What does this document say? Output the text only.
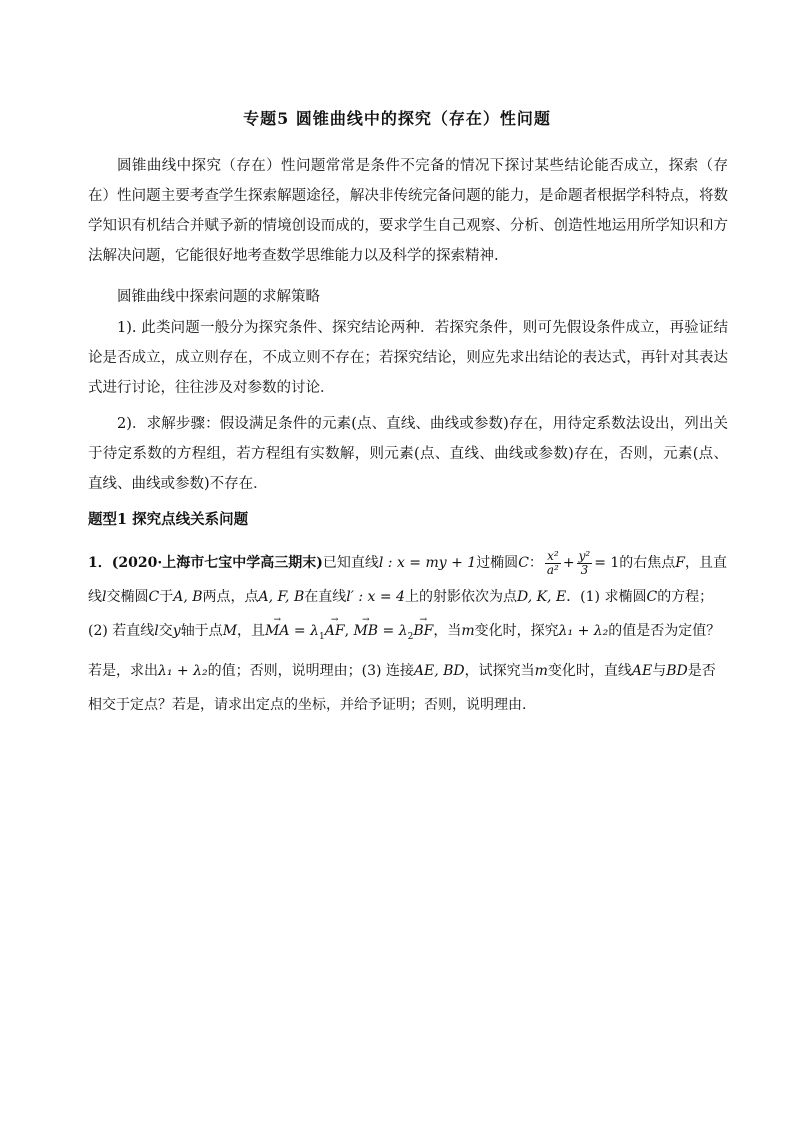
专题5 圆锥曲线中的探究（存在）性问题
圆锥曲线中探究（存在）性问题常常是条件不完备的情况下探讨某些结论能否成立，探索（存在）性问题主要考查学生探索解题途径，解决非传统完备问题的能力，是命题者根据学科特点，将数学知识有机结合并赋予新的情境创设而成的，要求学生自己观察、分析、创造性地运用所学知识和方法解决问题，它能很好地考查数学思维能力以及科学的探索精神.
圆锥曲线中探索问题的求解策略
1). 此类问题一般分为探究条件、探究结论两种．若探究条件，则可先假设条件成立，再验证结论是否成立，成立则存在，不成立则不存在；若探究结论，则应先求出结论的表达式，再针对其表达式进行讨论，往往涉及对参数的讨论．
2)．求解步骤：假设满足条件的元素(点、直线、曲线或参数)存在，用待定系数法设出，列出关于待定系数的方程组，若方程组有实数解，则元素(点、直线、曲线或参数)存在，否则，元素(点、直线、曲线或参数)不存在．
题型1 探究点线关系问题
1．(2020·上海市七宝中学高三期末)已知直线l : x = my + 1过椭圆C： $\frac{\text{x²}}{\text{a²}} + \frac{\text{y²}}{3} = 1$的右焦点F，且直线l交椭圆C于A, B两点，点A, F, B在直线l′ : x = 4上的射影依次为点D, K, E．(1) 求椭圆C的方程；(2) 若直线l交y轴于点M，且→ MA = $\lambda_1\to$ AF, → MB = $\lambda_2\to$ BF，当m变化时，探究λ₁ + λ₂的值是否为定值？若是，求出λ₁ + λ₂的值；否则，说明理由；(3) 连接AE, BD，试探究当m变化时，直线AE与BD是否相交于定点？若是，请求出定点的坐标，并给予证明；否则，说明理由.
